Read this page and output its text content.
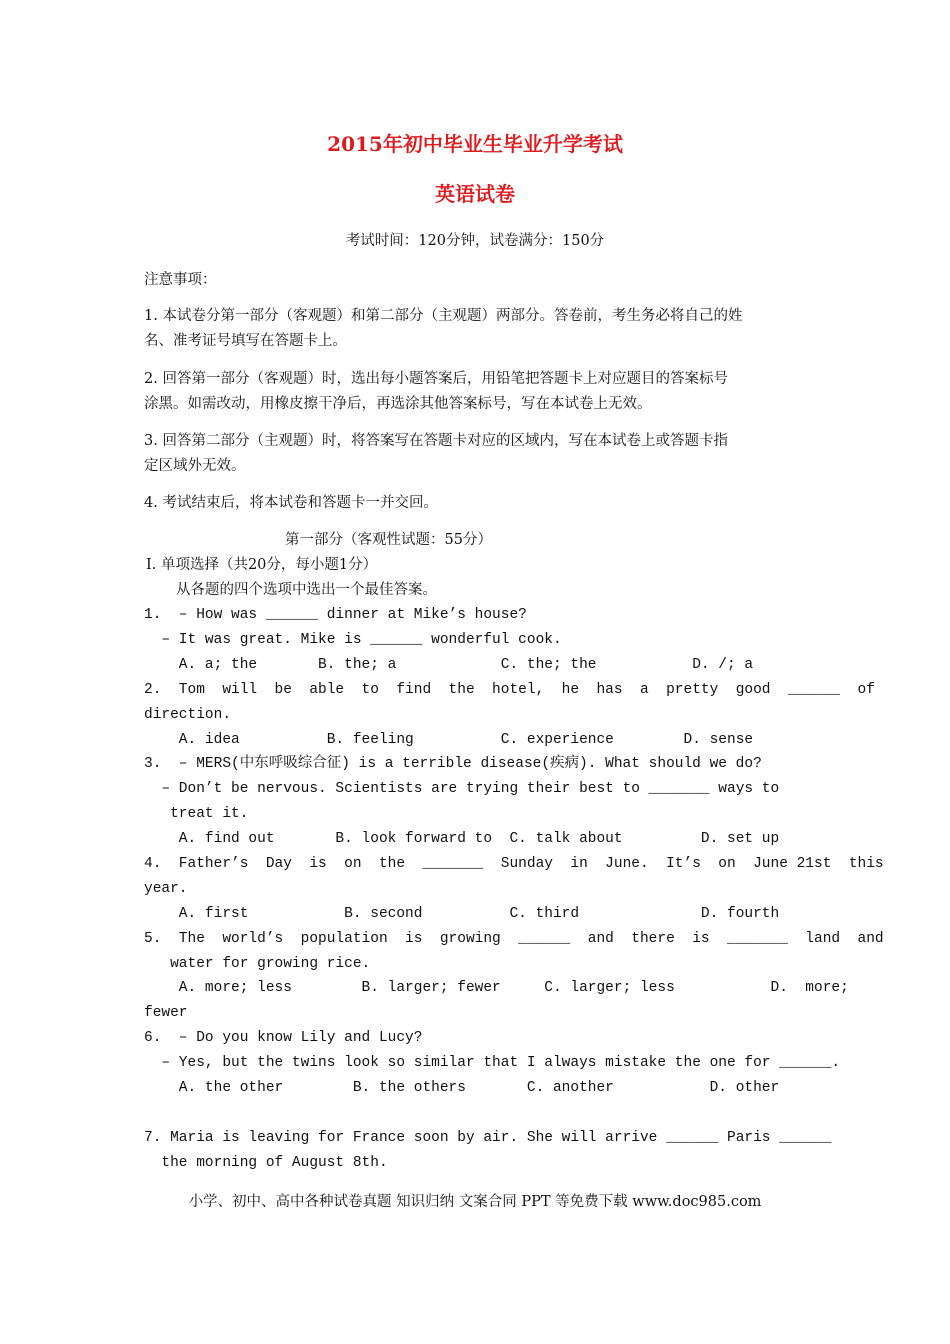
2015年初中毕业生毕业升学考试
英语试卷
考试时间：120分钟，试卷满分：150分
注意事项：
1. 本试卷分第一部分（客观题）和第二部分（主观题）两部分。答卷前，考生务必将自己的姓
名、准考证号填写在答题卡上。
2. 回答第一部分（客观题）时，选出每小题答案后，用铅笔把答题卡上对应题目的答案标号
涂黑。如需改动，用橡皮擦干净后，再选涂其他答案标号，写在本试卷上无效。
3. 回答第二部分（主观题）时，将答案写在答题卡对应的区域内，写在本试卷上或答题卡指
定区域外无效。
4. 考试结束后，将本试卷和答题卡一并交回。
第一部分（客观性试题：55分）
Ⅰ. 单项选择（共20分，每小题1分）
从各题的四个选项中选出一个最佳答案。
1.  – How was ______ dinner at Mike’s house?
– It was great. Mike is ______ wonderful cook.
A. a; the       B. the; a            C. the; the           D. /; a
2.  Tom  will  be  able  to  find  the  hotel,  he  has  a  pretty  good  ______  of
direction.
A. idea          B. feeling          C. experience        D. sense
3.  – MERS(中东呼吸综合征) is a terrible disease(疾病). What should we do?
– Don’t be nervous. Scientists are trying their best to _______ ways to
treat it.
A. find out       B. look forward to  C. talk about         D. set up
4.  Father’s  Day  is  on  the  _______  Sunday  in  June.  It’s  on  June 21st  this
year.
A. first           B. second          C. third              D. fourth
5.  The  world’s  population  is  growing  ______  and  there  is  _______  land  and
water for growing rice.
A. more; less        B. larger; fewer     C. larger; less           D.  more;
fewer
6.  – Do you know Lily and Lucy?
– Yes, but the twins look so similar that I always mistake the one for ______.
A. the other        B. the others       C. another           D. other
7. Maria is leaving for France soon by air. She will arrive ______ Paris ______
the morning of August 8th.
小学、初中、高中各种试卷真题 知识归纳 文案合同 PPT 等免费下载 www.doc985.com
